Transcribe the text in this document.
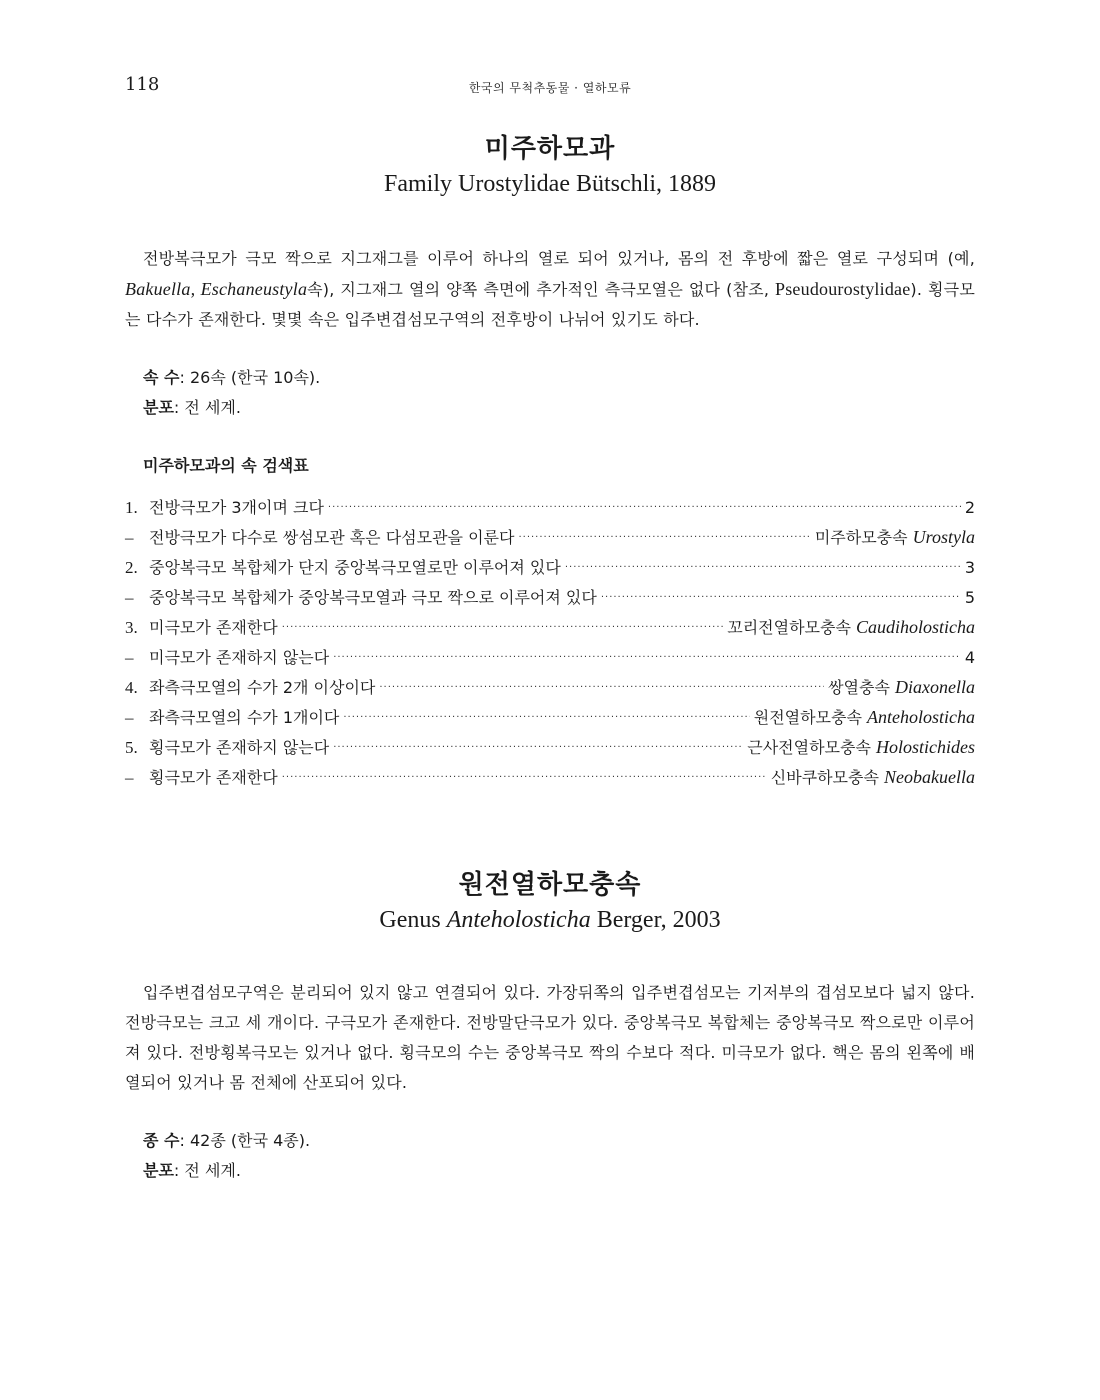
118	한국의 무척추동물 · 열하모류
미주하모과
Family Urostylidae Bütschli, 1889

전방복극모가 극모 짝으로 지그재그를 이루어 하나의 열로 되어 있거나, 몸의 전 후방에 짧은 열로 구성되며 (예, Bakuella, Eschaneustyla속), 지그재그 열의 양쪽 측면에 추가적인 측극모열은 없다 (참조, Pseudourostylidae). 횡극모는 다수가 존재한다. 몇몇 속은 입주변겹섬모구역의 전후방이 나뉘어 있기도 하다.

속 수: 26속 (한국 10속).
분포: 전 세계.
미주하모과의 속 검색표
1. 전방극모가 3개이며 크다 ·····	2
– 전방극모가 다수로 쌍섬모관 혹은 다섬모관을 이룬다 ·····	미주하모충속 Urostyla
2. 중앙복극모 복합체가 단지 중앙복극모열로만 이루어져 있다 ·····	3
– 중앙복극모 복합체가 중앙복극모열과 극모 짝으로 이루어져 있다 ·····	5
3. 미극모가 존재한다 ·····	꼬리전열하모충속 Caudiholosticha
– 미극모가 존재하지 않는다 ·····	4
4. 좌측극모열의 수가 2개 이상이다 ·····	쌍열충속 Diaxonella
– 좌측극모열의 수가 1개이다 ·····	원전열하모충속 Anteholosticha
5. 횡극모가 존재하지 않는다 ·····	근사전열하모충속 Holostichides
– 횡극모가 존재한다 ·····	신바쿠하모충속 Neobakuella
원전열하모충속
Genus Anteholosticha Berger, 2003

입주변겹섬모구역은 분리되어 있지 않고 연결되어 있다. 가장뒤쪽의 입주변겹섬모는 기저부의 겹섬모보다 넓지 않다. 전방극모는 크고 세 개이다. 구극모가 존재한다. 전방말단극모가 있다. 중앙복극모 복합체는 중앙복극모 짝으로만 이루어져 있다. 전방횡복극모는 있거나 없다. 횡극모의 수는 중앙복극모 짝의 수보다 적다. 미극모가 없다. 핵은 몸의 왼쪽에 배열되어 있거나 몸 전체에 산포되어 있다.

종 수: 42종 (한국 4종).
분포: 전 세계.
